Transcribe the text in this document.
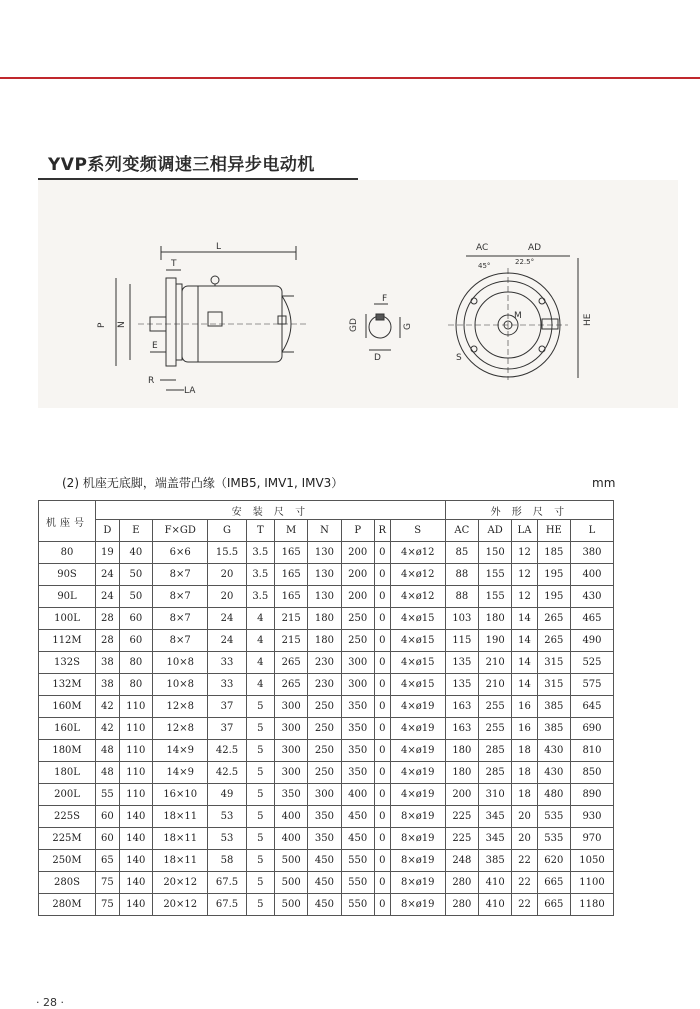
YVP系列变频调速三相异步电动机
L
T
P N
E
R
LA
GD
F
G
D
AC	AD
45°	22.5°
M
S
HE
(2) 机座无底脚，端盖带凸缘（IMB5, IMV1, IMV3）	mm
机座号	安 装 尺 寸										外 形 尺 寸				
	D	E	F×GD	G	T	M	N	P	R	S	AC	AD	LA	HE	L
80	19	40	6×6	15.5	3.5	165	130	200	0	4×ø12	85	150	12	185	380
90S	24	50	8×7	20	3.5	165	130	200	0	4×ø12	88	155	12	195	400
90L	24	50	8×7	20	3.5	165	130	200	0	4×ø12	88	155	12	195	430
100L	28	60	8×7	24	4	215	180	250	0	4×ø15	103	180	14	265	465
112M	28	60	8×7	24	4	215	180	250	0	4×ø15	115	190	14	265	490
132S	38	80	10×8	33	4	265	230	300	0	4×ø15	135	210	14	315	525
132M	38	80	10×8	33	4	265	230	300	0	4×ø15	135	210	14	315	575
160M	42	110	12×8	37	5	300	250	350	0	4×ø19	163	255	16	385	645
160L	42	110	12×8	37	5	300	250	350	0	4×ø19	163	255	16	385	690
180M	48	110	14×9	42.5	5	300	250	350	0	4×ø19	180	285	18	430	810
180L	48	110	14×9	42.5	5	300	250	350	0	4×ø19	180	285	18	430	850
200L	55	110	16×10	49	5	350	300	400	0	4×ø19	200	310	18	480	890
225S	60	140	18×11	53	5	400	350	450	0	8×ø19	225	345	20	535	930
225M	60	140	18×11	53	5	400	350	450	0	8×ø19	225	345	20	535	970
250M	65	140	18×11	58	5	500	450	550	0	8×ø19	248	385	22	620	1050
280S	75	140	20×12	67.5	5	500	450	550	0	8×ø19	280	410	22	665	1100
280M	75	140	20×12	67.5	5	500	450	550	0	8×ø19	280	410	22	665	1180
· 28 ·
